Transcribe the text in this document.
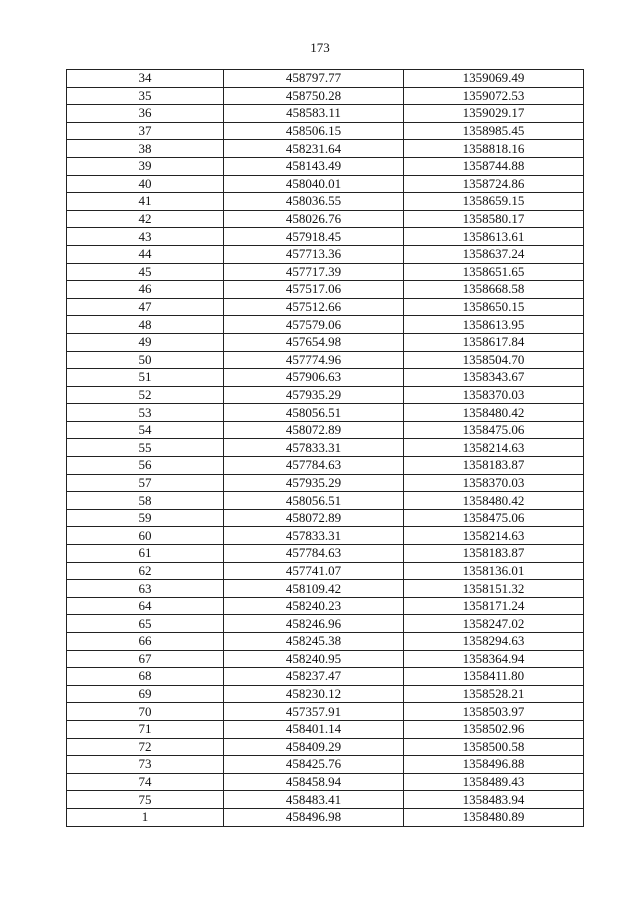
173
34	458797.77	1359069.49
35	458750.28	1359072.53
36	458583.11	1359029.17
37	458506.15	1358985.45
38	458231.64	1358818.16
39	458143.49	1358744.88
40	458040.01	1358724.86
41	458036.55	1358659.15
42	458026.76	1358580.17
43	457918.45	1358613.61
44	457713.36	1358637.24
45	457717.39	1358651.65
46	457517.06	1358668.58
47	457512.66	1358650.15
48	457579.06	1358613.95
49	457654.98	1358617.84
50	457774.96	1358504.70
51	457906.63	1358343.67
52	457935.29	1358370.03
53	458056.51	1358480.42
54	458072.89	1358475.06
55	457833.31	1358214.63
56	457784.63	1358183.87
57	457935.29	1358370.03
58	458056.51	1358480.42
59	458072.89	1358475.06
60	457833.31	1358214.63
61	457784.63	1358183.87
62	457741.07	1358136.01
63	458109.42	1358151.32
64	458240.23	1358171.24
65	458246.96	1358247.02
66	458245.38	1358294.63
67	458240.95	1358364.94
68	458237.47	1358411.80
69	458230.12	1358528.21
70	457357.91	1358503.97
71	458401.14	1358502.96
72	458409.29	1358500.58
73	458425.76	1358496.88
74	458458.94	1358489.43
75	458483.41	1358483.94
1	458496.98	1358480.89
